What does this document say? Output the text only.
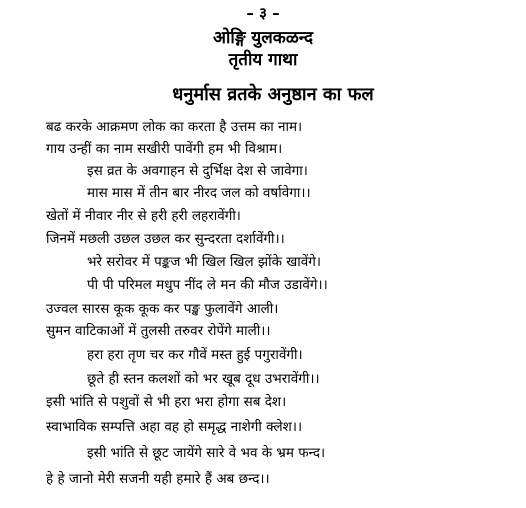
– ३ –
ओङ्गि युलकळन्द
तृतीय गाथा
धनुर्मास व्रतके अनुष्ठान का फल
बढ करके आक्रमण लोक का करता है उत्तम का नाम।
गाय उन्हीं का नाम सखीरी पावेंगी हम भी विश्राम।
इस व्रत के अवगाहन से दुर्भिक्ष देश से जावेगा।
मास मास में तीन बार नीरद जल को वर्षावेगा।।
खेतों में नीवार नीर से हरी हरी लहरावेंगी।
जिनमें मछली उछल उछल कर सुन्दरता दर्शावेंगी।।
भरे सरोवर में पङ्कज भी खिल खिल झोंके खावेंगे।
पी पी परिमल मधुप नींद ले मन की मौज उडावेंगे।।
उज्वल सारस कूक कूक कर पङ्ख फुलावेंगे आली।
सुमन वाटिकाओं में तुलसी तरुवर रोपेंगे माली।।
हरा हरा तृण चर कर गौवें मस्त हुई पगुरावेंगी।
छूते ही स्तन कलशों को भर खूब दूध उभरावेंगी।।
इसी भांति से पशुवों से भी हरा भरा होगा सब देश।
स्वाभाविक सम्पत्ति अहा वह हो समृद्ध नाशेगी क्लेश।।
इसी भांति से छूट जायेंगे सारे वे भव के भ्रम फन्द।
हे हे जानो मेरी सजनी यही हमारे हैं अब छन्द।।
